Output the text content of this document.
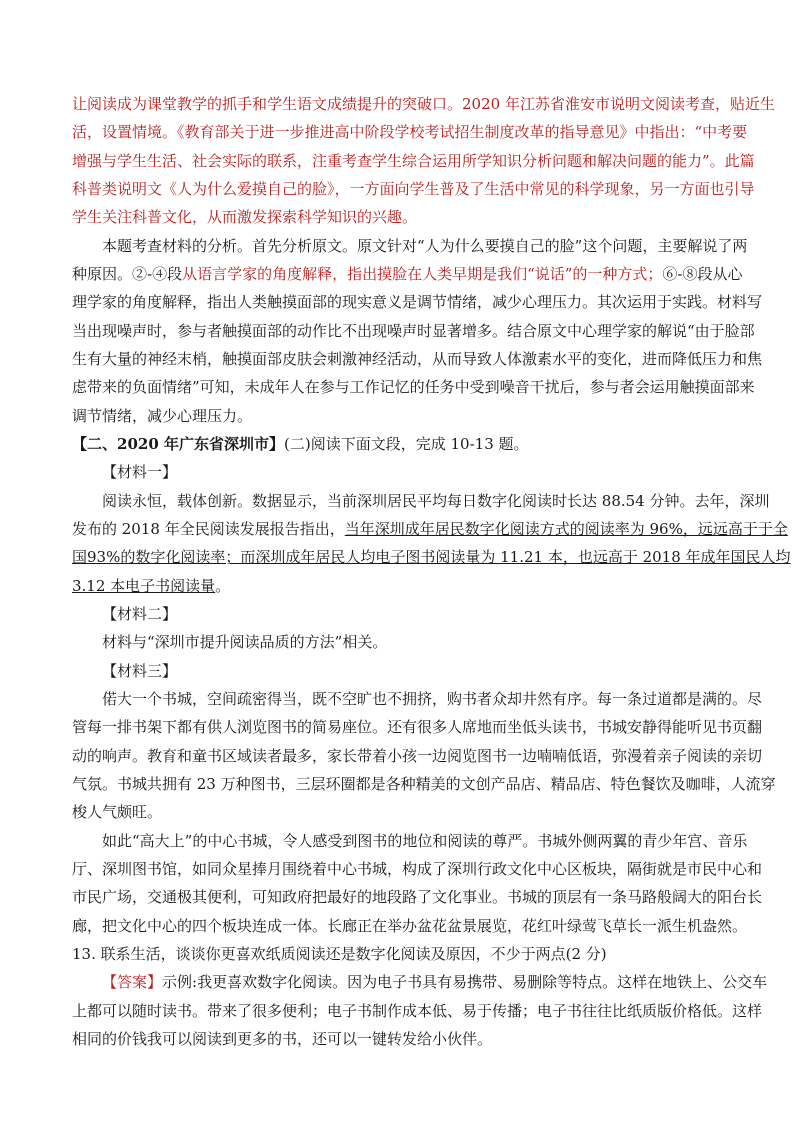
让阅读成为课堂教学的抓手和学生语文成绩提升的突破口。2020 年江苏省淮安市说明文阅读考查，贴近生
活，设置情境。《教育部关于进一步推进高中阶段学校考试招生制度改革的指导意见》中指出：“中考要
增强与学生生活、社会实际的联系，注重考查学生综合运用所学知识分析问题和解决问题的能力”。此篇
科普类说明文《人为什么爱摸自己的脸》，一方面向学生普及了生活中常见的科学现象，另一方面也引导
学生关注科普文化，从而激发探索科学知识的兴趣。
本题考查材料的分析。首先分析原文。原文针对“人为什么要摸自己的脸”这个问题，主要解说了两
种原因。②-④段从语言学家的角度解释，指出摸脸在人类早期是我们“说话”的一种方式；⑥-⑧段从心
理学家的角度解释，指出人类触摸面部的现实意义是调节情绪，减少心理压力。其次运用于实践。材料写
当出现噪声时，参与者触摸面部的动作比不出现噪声时显著增多。结合原文中心理学家的解说“由于脸部
生有大量的神经末梢，触摸面部皮肤会刺激神经活动，从而导致人体激素水平的变化，进而降低压力和焦
虑带来的负面情绪”可知，未成年人在参与工作记忆的任务中受到噪音干扰后，参与者会运用触摸面部来
调节情绪，减少心理压力。
【二、2020 年广东省深圳市】(二)阅读下面文段，完成 10-13 题。
【材料一】
阅读永恒，载体创新。数据显示，当前深圳居民平均每日数字化阅读时长达 88.54 分钟。去年，深圳
发布的 2018 年全民阅读发展报告指出，当年深圳成年居民数字化阅读方式的阅读率为 96%，远远高于于全
国93%的数字化阅读率；而深圳成年居民人均电子图书阅读量为 11.21 本，也远高于 2018 年成年国民人均
3.12 本电子书阅读量。
【材料二】
材料与“深圳市提升阅读品质的方法”相关。
【材料三】
偌大一个书城，空间疏密得当，既不空旷也不拥挤，购书者众却井然有序。每一条过道都是满的。尽
管每一排书架下都有供人浏览图书的简易座位。还有很多人席地而坐低头读书，书城安静得能听见书页翻
动的响声。教育和童书区域读者最多，家长带着小孩一边阅览图书一边喃喃低语，弥漫着亲子阅读的亲切
气氛。书城共拥有 23 万种图书，三层环圈都是各种精美的文创产品店、精品店、特色餐饮及咖啡，人流穿
梭人气颇旺。
如此“高大上”的中心书城，令人感受到图书的地位和阅读的尊严。书城外侧两翼的青少年宫、音乐
厅、深圳图书馆，如同众星捧月围绕着中心书城，构成了深圳行政文化中心区板块，隔街就是市民中心和
市民广场，交通极其便利，可知政府把最好的地段路了文化事业。书城的顶层有一条马路般阔大的阳台长
廊，把文化中心的四个板块连成一体。长廊正在举办盆花盆景展览，花红叶绿莺飞草长一派生机盎然。
13. 联系生活，谈谈你更喜欢纸质阅读还是数字化阅读及原因，不少于两点(2 分)
【答案】示例:我更喜欢数字化阅读。因为电子书具有易携带、易删除等特点。这样在地铁上、公交车
上都可以随时读书。带来了很多便利；电子书制作成本低、易于传播；电子书往往比纸质版价格低。这样
相同的价钱我可以阅读到更多的书，还可以一键转发给小伙伴。
